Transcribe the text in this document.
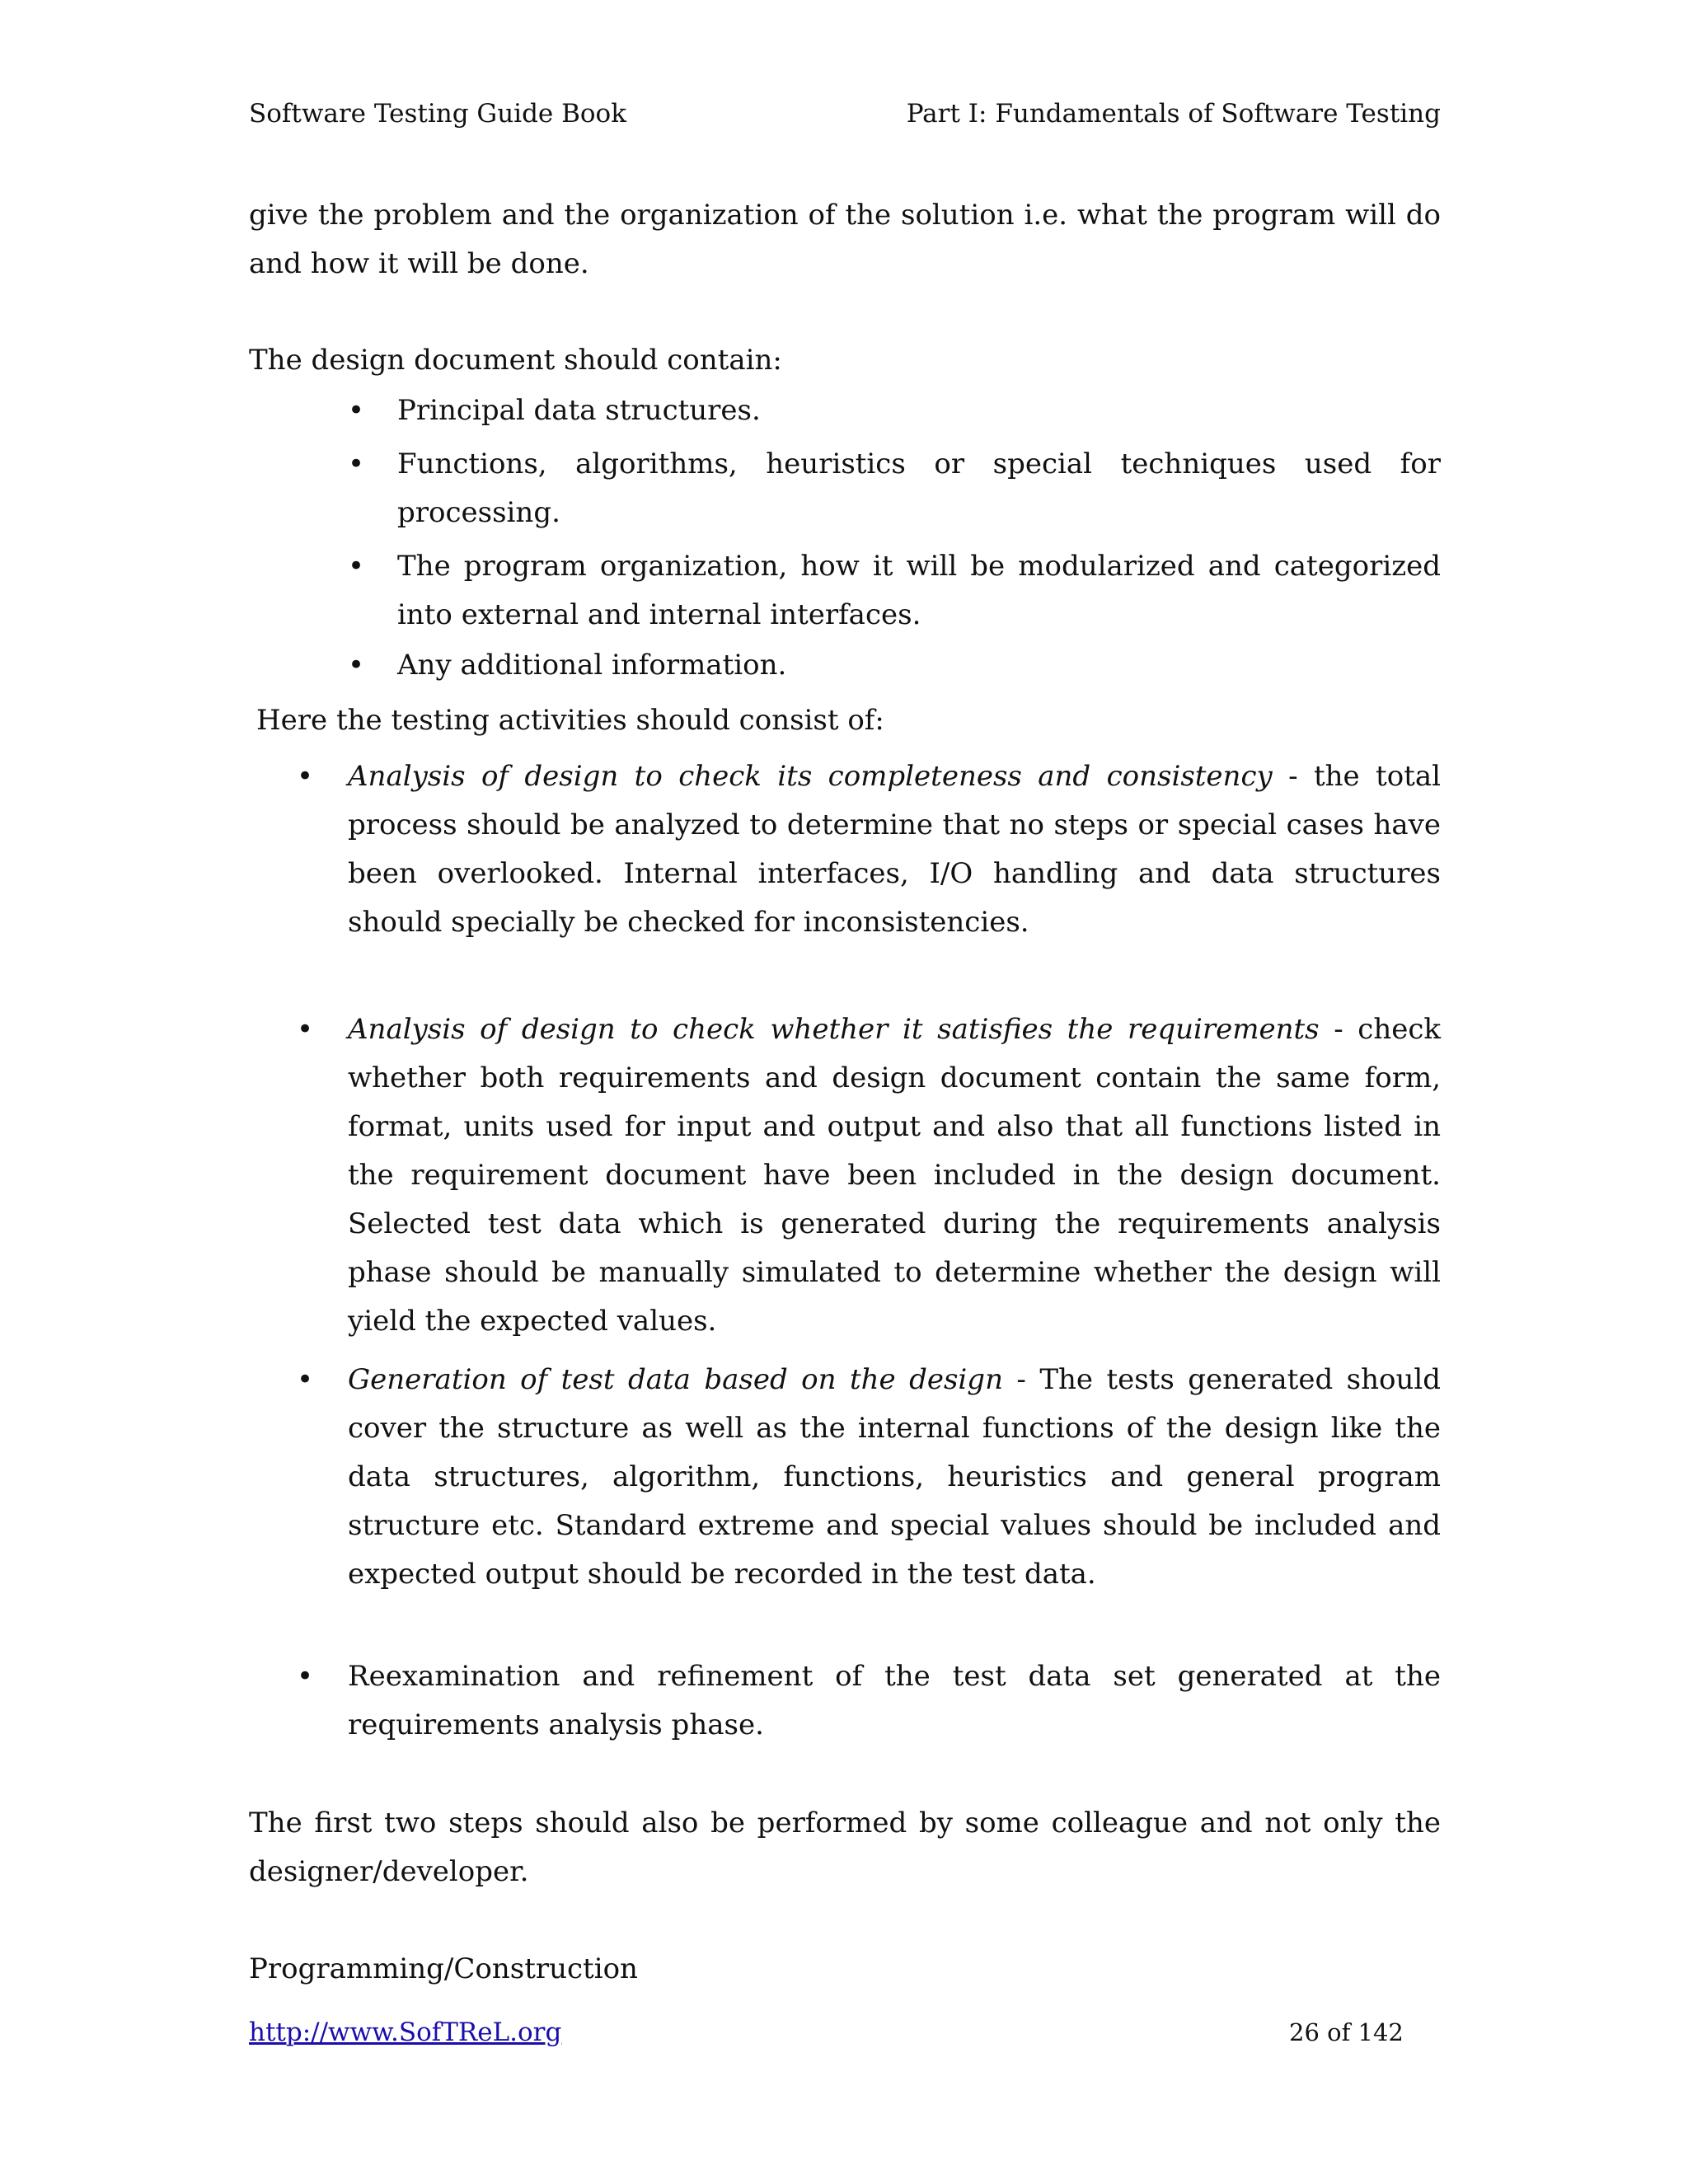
Software Testing Guide Book	Part I: Fundamentals of Software Testing

give the problem and the organization of the solution i.e. what the program will do and how it will be done.

The design document should contain:

• Principal data structures.
• Functions, algorithms, heuristics or special techniques used for processing.
• The program organization, how it will be modularized and categorized into external and internal interfaces.
• Any additional information.

Here the testing activities should consist of:

• Analysis of design to check its completeness and consistency - the total process should be analyzed to determine that no steps or special cases have been overlooked. Internal interfaces, I/O handling and data structures should specially be checked for inconsistencies.

• Analysis of design to check whether it satisfies the requirements - check whether both requirements and design document contain the same form, format, units used for input and output and also that all functions listed in the requirement document have been included in the design document. Selected test data which is generated during the requirements analysis phase should be manually simulated to determine whether the design will yield the expected values.

• Generation of test data based on the design - The tests generated should cover the structure as well as the internal functions of the design like the data structures, algorithm, functions, heuristics and general program structure etc. Standard extreme and special values should be included and expected output should be recorded in the test data.

• Reexamination and refinement of the test data set generated at the requirements analysis phase.

The first two steps should also be performed by some colleague and not only the designer/developer.

Programming/Construction

http://www.SofTReL.org	26 of 142
